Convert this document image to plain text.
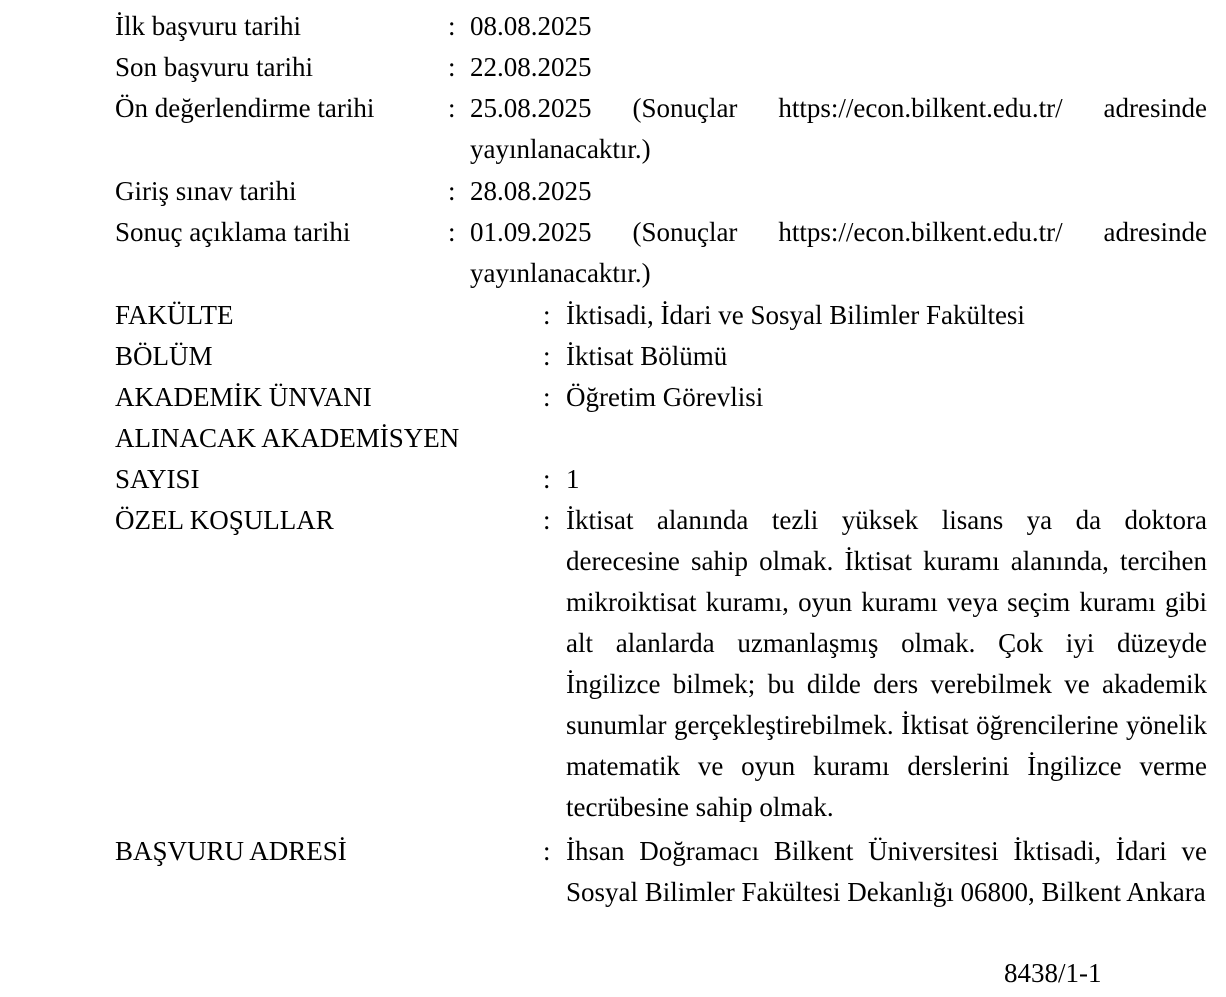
İlk başvuru tarihi	: 08.08.2025
Son başvuru tarihi	: 22.08.2025
Ön değerlendirme tarihi	: 25.08.2025 (Sonuçlar https://econ.bilkent.edu.tr/ adresinde yayınlanacaktır.)
Giriş sınav tarihi	: 28.08.2025
Sonuç açıklama tarihi	: 01.09.2025 (Sonuçlar https://econ.bilkent.edu.tr/ adresinde yayınlanacaktır.)
FAKÜLTE	: İktisadi, İdari ve Sosyal Bilimler Fakültesi
BÖLÜM	: İktisat Bölümü
AKADEMİK ÜNVANI	: Öğretim Görevlisi
ALINACAK AKADEMİSYEN
SAYISI	: 1
ÖZEL KOŞULLAR	: İktisat alanında tezli yüksek lisans ya da doktora derecesine sahip olmak. İktisat kuramı alanında, tercihen mikroiktisat kuramı, oyun kuramı veya seçim kuramı gibi alt alanlarda uzmanlaşmış olmak. Çok iyi düzeyde İngilizce bilmek; bu dilde ders verebilmek ve akademik sunumlar gerçekleştirebilmek. İktisat öğrencilerine yönelik matematik ve oyun kuramı derslerini İngilizce verme tecrübesine sahip olmak.
BAŞVURU ADRESİ	: İhsan Doğramacı Bilkent Üniversitesi İktisadi, İdari ve Sosyal Bilimler Fakültesi Dekanlığı 06800, Bilkent Ankara
8438/1-1
